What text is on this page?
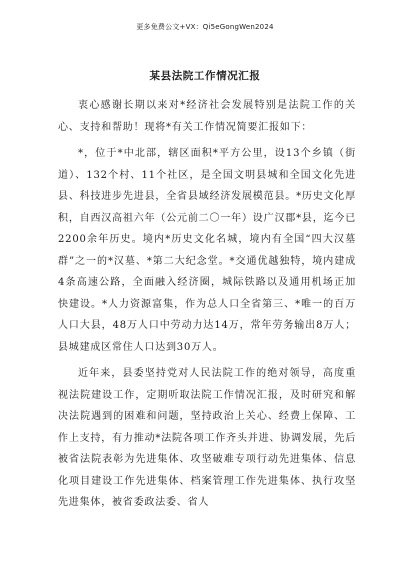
更多免费公文+VX：Qi5eGongWen2024
某县法院工作情况汇报

衷心感谢长期以来对*经济社会发展特别是法院工作的关心、支持和帮助！现将*有关工作情况简要汇报如下：

*，位于*中北部，辖区面积*平方公里，设13个乡镇（街道）、132个村、11个社区，是全国文明县城和全国文化先进县、科技进步先进县，全省县域经济发展模范县。*历史文化厚积，自西汉高祖六年（公元前二〇一年）设广汉郡*县，迄今已2200余年历史。境内*历史文化名城，境内有全国“四大汉墓群”之一的*汉墓、*第二大纪念堂。*交通优越独特，境内建成4条高速公路，全面融入经济圈，城际铁路以及通用机场正加快建设。*人力资源富集，作为总人口全省第三、*唯一的百万人口大县，48万人口中劳动力达14万，常年劳务输出8万人；县城建成区常住人口达到30万人。

近年来，县委坚持党对人民法院工作的绝对领导，高度重视法院建设工作，定期听取法院工作情况汇报，及时研究和解决法院遇到的困难和问题，坚持政治上关心、经费上保障、工作上支持，有力推动*法院各项工作齐头并进、协调发展，先后被省法院表彰为先进集体、攻坚破难专项行动先进集体、信息化项目建设工作先进集体、档案管理工作先进集体、执行攻坚先进集体，被省委政法委、省人
